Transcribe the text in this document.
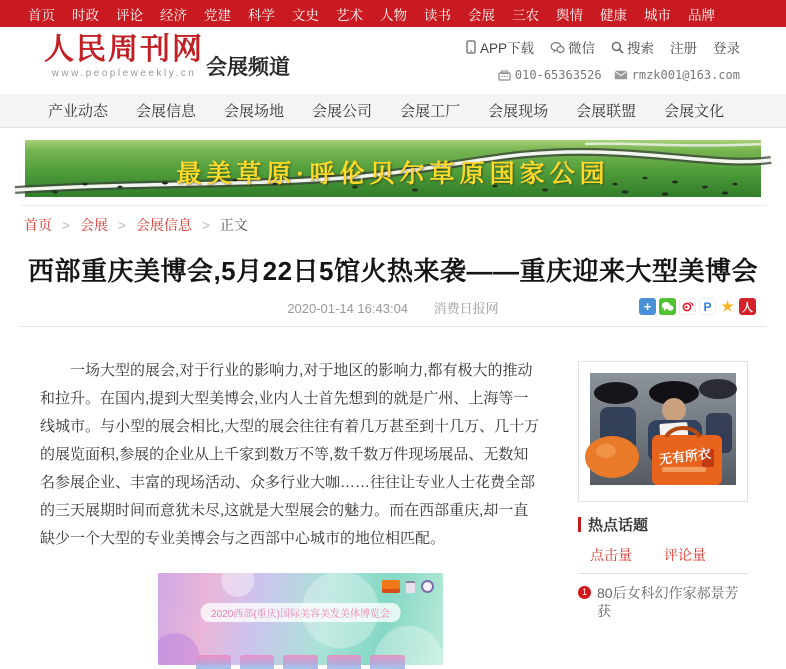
首页 时政 评论 经济 党建 科学 文史 艺术 人物 读书 会展 三农 舆情 健康 城市 品牌
人民周刊网
www.peopleweekly.cn 会展频道
APP下载	微信 搜索 注册 登录
010-65363526	rmzk001@163.com
产业动态 会展信息 会展场地 会展公司 会展工厂 会展现场 会展联盟 会展文化
最美草原·呼伦贝尔草原国家公园
首页 > 会展 > 会展信息 > 正文
西部重庆美博会,5月22日5馆火热来袭——重庆迎来大型美博会
2020-01-14 16:43:04 消费日报网	+	P ★ 人

一场大型的展会,对于行业的影响力,对于地区的影响力,都有极大的推动和拉升。在国内,提到大型美博会,业内人士首先想到的就是广州、上海等一线城市。与小型的展会相比,大型的展会往往有着几万甚至到十几万、几十万的展览面积,参展的企业从上千家到数万不等,数千数万件现场展品、无数知名参展企业、丰富的现场活动、众多行业大咖……往往让专业人士花费全部的三天展期时间而意犹未尽,这就是大型展会的魅力。而在西部重庆,却一直缺少一个大型的专业美博会与之西部中心城市的地位相匹配。

2020西部(重庆)国际美容美发美体博览会
无有所衣
热点话题
点击量 评论量
1 80后女科幻作家郝景芳获
